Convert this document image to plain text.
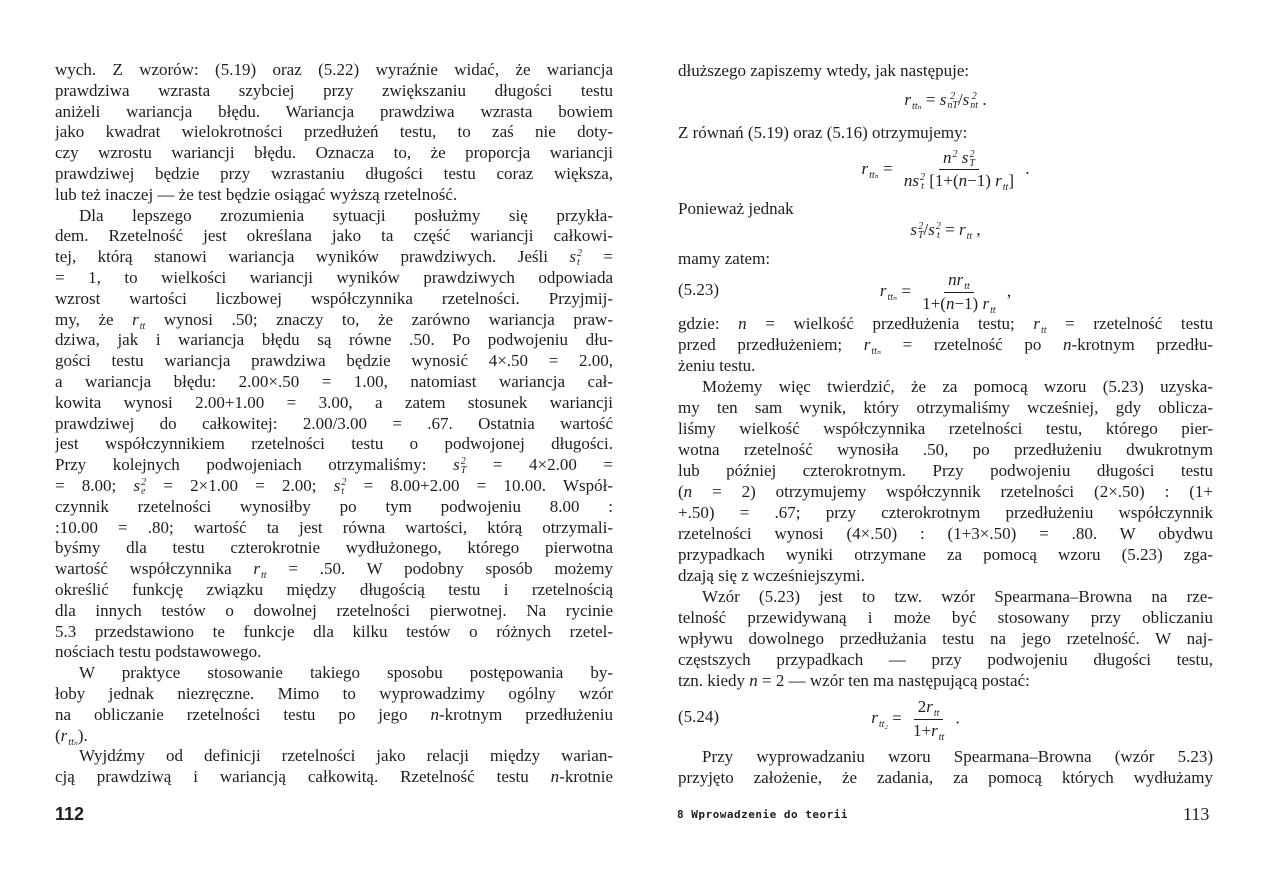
wych. Z wzorów: (5.19) oraz (5.22) wyraźnie widać, że wariancja
prawdziwa wzrasta szybciej przy zwiększaniu długości testu
aniżeli wariancja błędu. Wariancja prawdziwa wzrasta bowiem
jako kwadrat wielokrotności przedłużeń testu, to zaś nie doty-
czy wzrostu wariancji błędu. Oznacza to, że proporcja wariancji
prawdziwej będzie przy wzrastaniu długości testu coraz większa,
lub też inaczej — że test będzie osiągać wyższą rzetelność.
Dla lepszego zrozumienia sytuacji posłużmy się przykła-
dem. Rzetelność jest określana jako ta część wariancji całkowi-
tej, którą stanowi wariancja wyników prawdziwych. Jeśli s 2
t =
= 1, to wielkości wariancji wyników prawdziwych odpowiada
wzrost wartości liczbowej współczynnika rzetelności. Przyjmij-
my, że r tt wynosi .50; znaczy to, że zarówno wariancja praw-
dziwa, jak i wariancja błędu są równe .50. Po podwojeniu dłu-
gości testu wariancja prawdziwa będzie wynosić 4×.50 = 2.00,
a wariancja błędu: 2.00×.50 = 1.00, natomiast wariancja cał-
kowita wynosi 2.00+1.00 = 3.00, a zatem stosunek wariancji
prawdziwej do całkowitej: 2.00/3.00 = .67. Ostatnia wartość
jest współczynnikiem rzetelności testu o podwojonej długości.
Przy kolejnych podwojeniach otrzymaliśmy: s 2
T = 4×2.00 =
= 8.00; s 2
e = 2×1.00 = 2.00; s 2
t = 8.00+2.00 = 10.00. Współ-
czynnik rzetelności wynosiłby po tym podwojeniu 8.00 :
:10.00 = .80; wartość ta jest równa wartości, którą otrzymali-
byśmy dla testu czterokrotnie wydłużonego, którego pierwotna
wartość współczynnika r tt = .50. W podobny sposób możemy
określić funkcję związku między długością testu i rzetelnością
dla innych testów o dowolnej rzetelności pierwotnej. Na rycinie
5.3 przedstawiono te funkcje dla kilku testów o różnych rzetel-
nościach testu podstawowego.
W praktyce stosowanie takiego sposobu postępowania by-
łoby jednak niezręczne. Mimo to wyprowadzimy ogólny wzór
na obliczanie rzetelności testu po jego n-krotnym przedłużeniu
(r ttₙ ).
Wyjdźmy od definicji rzetelności jako relacji między warian-
cją prawdziwą i wariancją całkowitą. Rzetelność testu n-krotnie
112
dłuższego zapiszemy wtedy, jak następuje:
r ttₙ = s 2
nT /s 2
nt .
Z równań (5.19) oraz (5.16) otrzymujemy:
r ttₙ = n 2 s 2
T
ns 2
t [1+(n−1) r tt ] .
Ponieważ jednak
s 2
T /s 2
t = r tt ,
mamy zatem:
(5.23)	r $tt_n = \frac{\text{nr tt}}{\text{1+(n−1) r tt}}$ ,
gdzie: n = wielkość przedłużenia testu; r tt = rzetelność testu
przed przedłużeniem; r ttₙ = rzetelność po n-krotnym przedłu-
żeniu testu.
Możemy więc twierdzić, że za pomocą wzoru (5.23) uzyska-
my ten sam wynik, który otrzymaliśmy wcześniej, gdy oblicza-
liśmy wielkość współczynnika rzetelności testu, którego pier-
wotna rzetelność wynosiła .50, po przedłużeniu dwukrotnym
lub później czterokrotnym. Przy podwojeniu długości testu
(n = 2) otrzymujemy współczynnik rzetelności (2×.50) : (1+
+.50) = .67; przy czterokrotnym przedłużeniu współczynnik
rzetelności wynosi (4×.50) : (1+3×.50) = .80. W obydwu
przypadkach wyniki otrzymane za pomocą wzoru (5.23) zga-
dzają się z wcześniejszymi.
Wzór (5.23) jest to tzw. wzór Spearmana–Browna na rze-
telność przewidywaną i może być stosowany przy obliczaniu
wpływu dowolnego przedłużania testu na jego rzetelność. W naj-
częstszych przypadkach — przy podwojeniu długości testu,
tzn. kiedy n = 2 — wzór ten ma następującą postać:
(5.24)	r $tt_2 = \frac{\text{2r tt}}{\text{1+r tt}}$ .
Przy wyprowadzaniu wzoru Spearmana–Browna (wzór 5.23)
przyjęto założenie, że zadania, za pomocą których wydłużamy
8 Wprowadzenie do teorii	113
